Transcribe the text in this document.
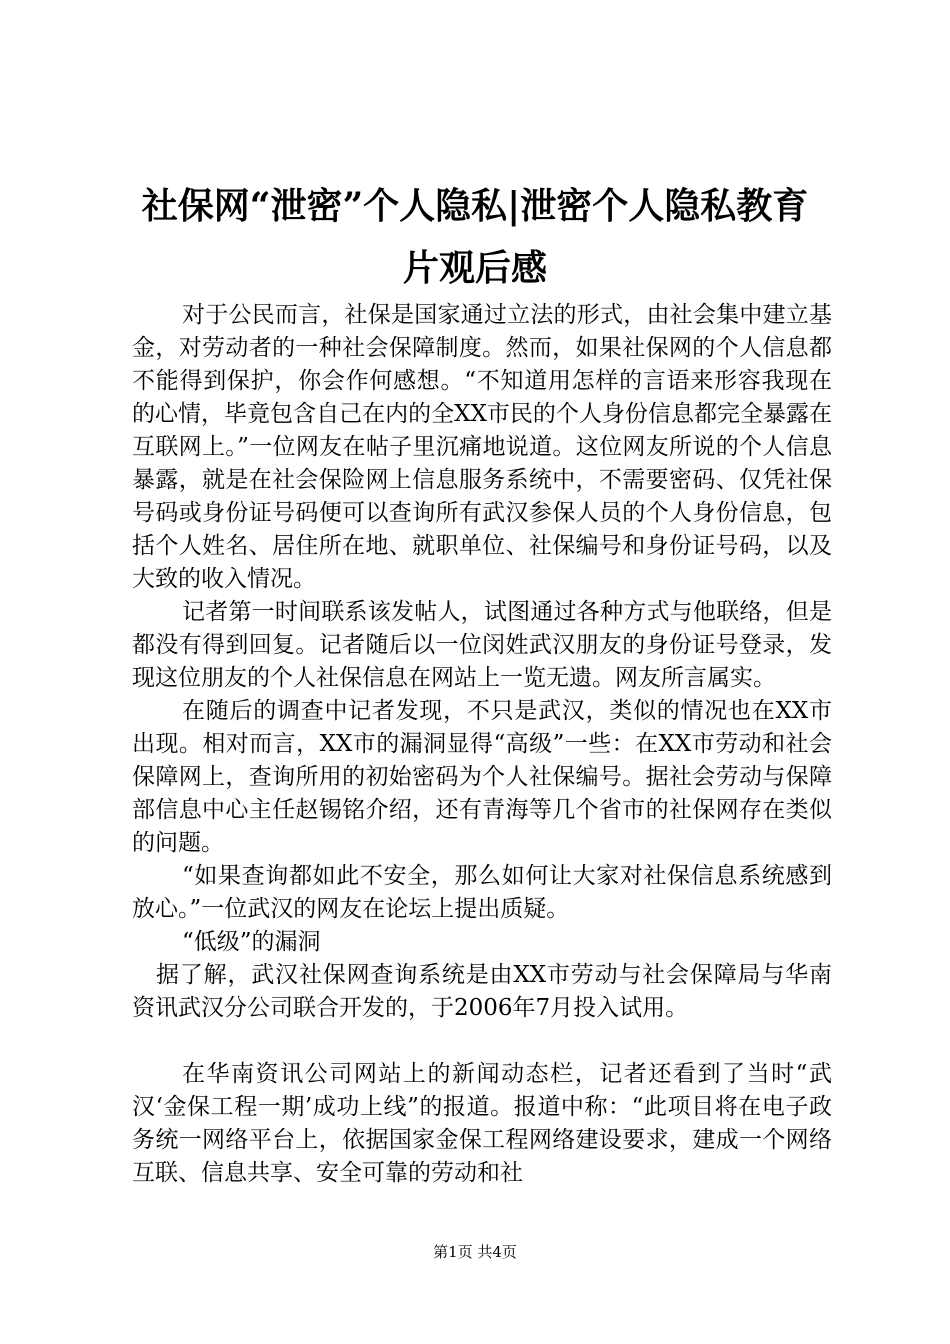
社保网“泄密”个人隐私|泄密个人隐私教育
片观后感

对于公民而言，社保是国家通过立法的形式，由社会集中建立基金，对劳动者的一种社会保障制度。然而，如果社保网的个人信息都不能得到保护，你会作何感想。“不知道用怎样的言语来形容我现在的心情，毕竟包含自己在内的全XX市民的个人身份信息都完全暴露在互联网上。”一位网友在帖子里沉痛地说道。这位网友所说的个人信息暴露，就是在社会保险网上信息服务系统中，不需要密码、仅凭社保号码或身份证号码便可以查询所有武汉参保人员的个人身份信息，包括个人姓名、居住所在地、就职单位、社保编号和身份证号码，以及大致的收入情况。

记者第一时间联系该发帖人，试图通过各种方式与他联络，但是都没有得到回复。记者随后以一位闵姓武汉朋友的身份证号登录，发现这位朋友的个人社保信息在网站上一览无遗。网友所言属实。

在随后的调查中记者发现，不只是武汉，类似的情况也在XX市出现。相对而言，XX市的漏洞显得“高级”一些：在XX市劳动和社会保障网上，查询所用的初始密码为个人社保编号。据社会劳动与保障部信息中心主任赵锡铭介绍，还有青海等几个省市的社保网存在类似的问题。

“如果查询都如此不安全，那么如何让大家对社保信息系统感到放心。”一位武汉的网友在论坛上提出质疑。

“低级”的漏洞

据了解，武汉社保网查询系统是由XX市劳动与社会保障局与华南资讯武汉分公司联合开发的，于2006年7月投入试用。

在华南资讯公司网站上的新闻动态栏，记者还看到了当时“武汉‘金保工程一期’成功上线”的报道。报道中称：“此项目将在电子政务统一网络平台上，依据国家金保工程网络建设要求，建成一个网络互联、信息共享、安全可靠的劳动和社

第1页 共4页
